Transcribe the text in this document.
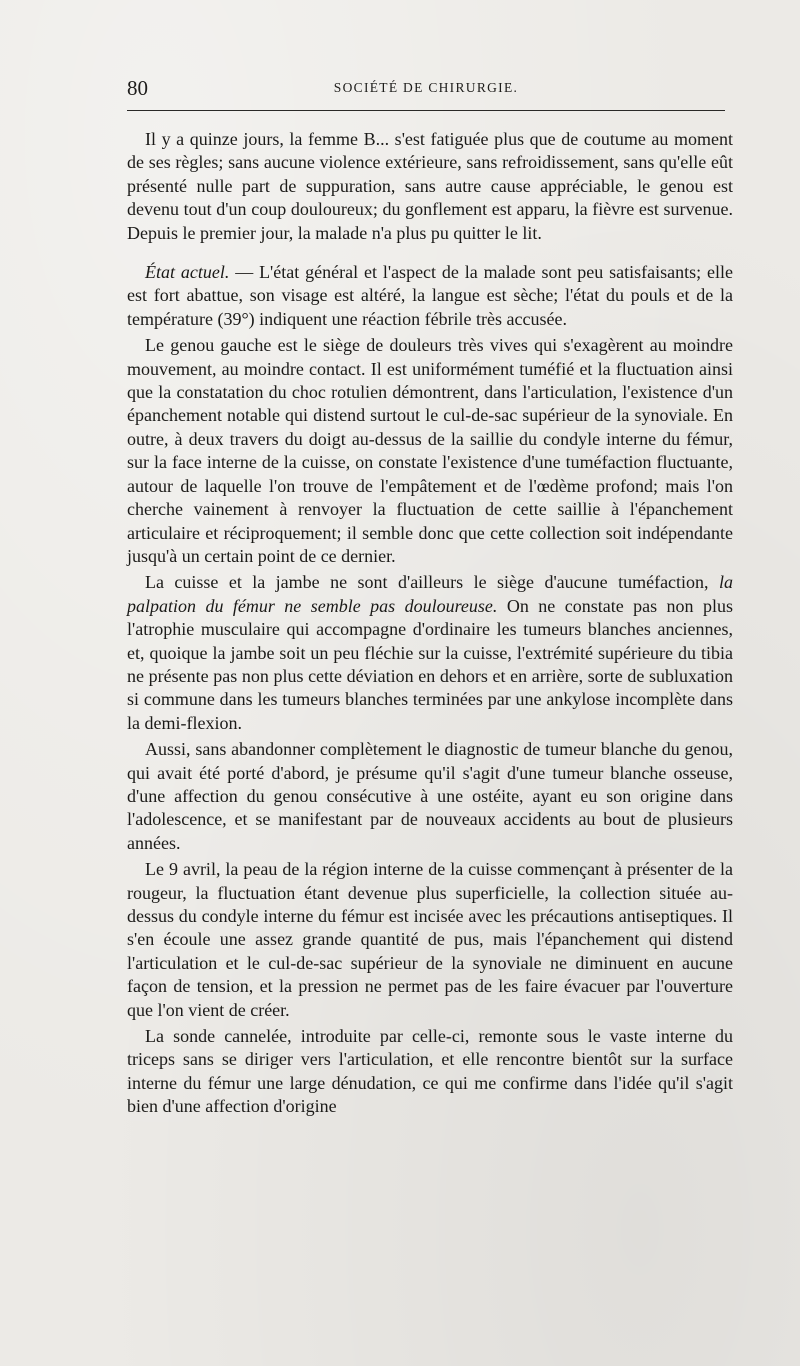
80	SOCIÉTÉ DE CHIRURGIE.

Il y a quinze jours, la femme B... s'est fatiguée plus que de coutume au moment de ses règles; sans aucune violence extérieure, sans refroidissement, sans qu'elle eût présenté nulle part de suppuration, sans autre cause appréciable, le genou est devenu tout d'un coup douloureux; du gonflement est apparu, la fièvre est survenue. Depuis le premier jour, la malade n'a plus pu quitter le lit.

État actuel. — L'état général et l'aspect de la malade sont peu satisfaisants; elle est fort abattue, son visage est altéré, la langue est sèche; l'état du pouls et de la température (39°) indiquent une réaction fébrile très accusée.

Le genou gauche est le siège de douleurs très vives qui s'exagèrent au moindre mouvement, au moindre contact. Il est uniformément tuméfié et la fluctuation ainsi que la constatation du choc rotulien démontrent, dans l'articulation, l'existence d'un épanchement notable qui distend surtout le cul-de-sac supérieur de la synoviale. En outre, à deux travers du doigt au-dessus de la saillie du condyle interne du fémur, sur la face interne de la cuisse, on constate l'existence d'une tuméfaction fluctuante, autour de laquelle l'on trouve de l'empâtement et de l'œdème profond; mais l'on cherche vainement à renvoyer la fluctuation de cette saillie à l'épanchement articulaire et réciproquement; il semble donc que cette collection soit indépendante jusqu'à un certain point de ce dernier.

La cuisse et la jambe ne sont d'ailleurs le siège d'aucune tuméfaction, la palpation du fémur ne semble pas douloureuse. On ne constate pas non plus l'atrophie musculaire qui accompagne d'ordinaire les tumeurs blanches anciennes, et, quoique la jambe soit un peu fléchie sur la cuisse, l'extrémité supérieure du tibia ne présente pas non plus cette déviation en dehors et en arrière, sorte de subluxation si commune dans les tumeurs blanches terminées par une ankylose incomplète dans la demi-flexion.

Aussi, sans abandonner complètement le diagnostic de tumeur blanche du genou, qui avait été porté d'abord, je présume qu'il s'agit d'une tumeur blanche osseuse, d'une affection du genou consécutive à une ostéite, ayant eu son origine dans l'adolescence, et se manifestant par de nouveaux accidents au bout de plusieurs années.

Le 9 avril, la peau de la région interne de la cuisse commençant à présenter de la rougeur, la fluctuation étant devenue plus superficielle, la collection située au-dessus du condyle interne du fémur est incisée avec les précautions antiseptiques. Il s'en écoule une assez grande quantité de pus, mais l'épanchement qui distend l'articulation et le cul-de-sac supérieur de la synoviale ne diminuent en aucune façon de tension, et la pression ne permet pas de les faire évacuer par l'ouverture que l'on vient de créer.

La sonde cannelée, introduite par celle-ci, remonte sous le vaste interne du triceps sans se diriger vers l'articulation, et elle rencontre bientôt sur la surface interne du fémur une large dénudation, ce qui me confirme dans l'idée qu'il s'agit bien d'une affection d'origine
